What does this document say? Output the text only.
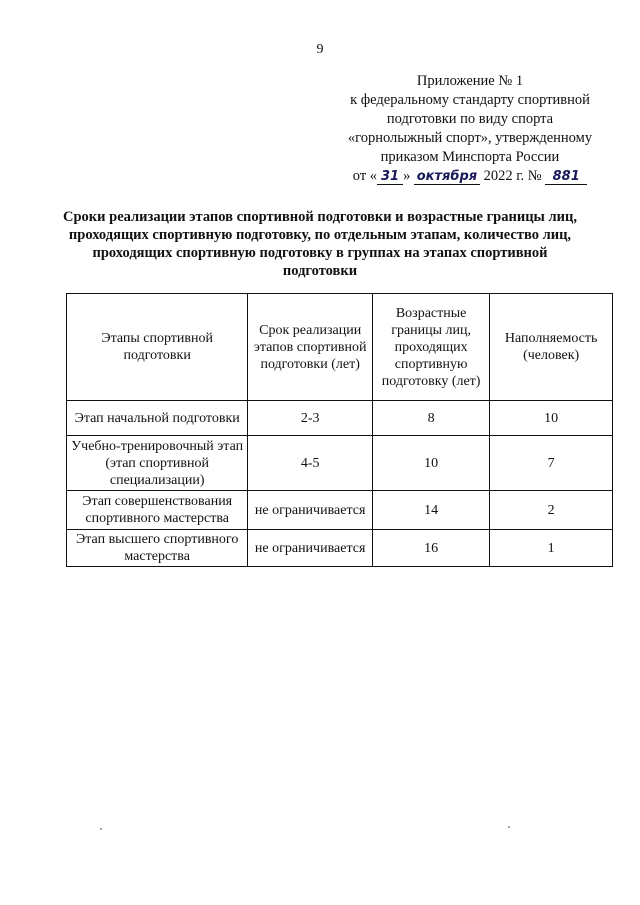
9
Приложение № 1
к федеральному стандарту спортивной
подготовки по виду спорта
«горнолыжный спорт», утвержденному
приказом Минспорта России
от « 31 » октября 2022 г. № 881
Сроки реализации этапов спортивной подготовки и возрастные границы лиц, проходящих спортивную подготовку, по отдельным этапам, количество лиц, проходящих спортивную подготовку в группах на этапах спортивной подготовки
Этапы спортивной подготовки	Срок реализации этапов спортивной подготовки (лет)	Возрастные границы лиц, проходящих спортивную подготовку (лет)	Наполняемость (человек)
Этап начальной подготовки	2-3	8	10
Учебно-тренировочный этап (этап спортивной специализации)	4-5	10	7
Этап совершенствования спортивного мастерства	не ограничивается	14	2
Этап высшего спортивного мастерства	не ограничивается	16	1
